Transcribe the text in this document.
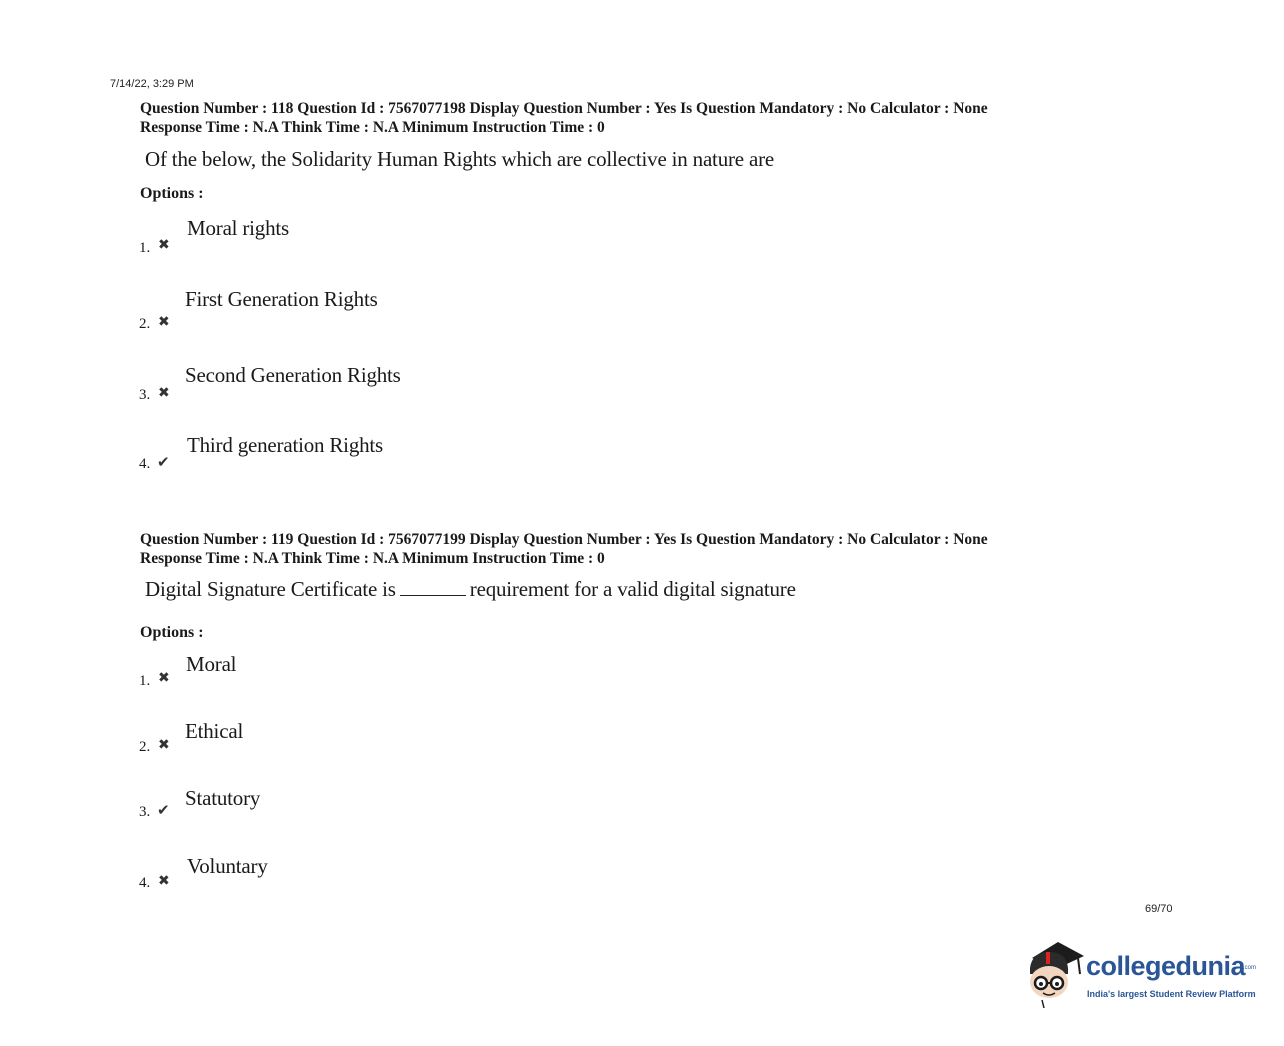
7/14/22, 3:29 PM
Question Number : 118 Question Id : 7567077198 Display Question Number : Yes Is Question Mandatory : No Calculator : None
Response Time : N.A Think Time : N.A Minimum Instruction Time : 0
Of the below, the Solidarity Human Rights which are collective in nature are
Options :
1. ✖
Moral rights
2. ✖
First Generation Rights
3. ✖
Second Generation Rights
4. ✔
Third generation Rights
Question Number : 119 Question Id : 7567077199 Display Question Number : Yes Is Question Mandatory : No Calculator : None
Response Time : N.A Think Time : N.A Minimum Instruction Time : 0
Digital Signature Certificate is	requirement for a valid digital signature
Options :
1. ✖
Moral
2. ✖
Ethical
3. ✔ Statutory
4. ✖
Voluntary
69/70
collegedunia
.com
India's largest Student Review Platform
